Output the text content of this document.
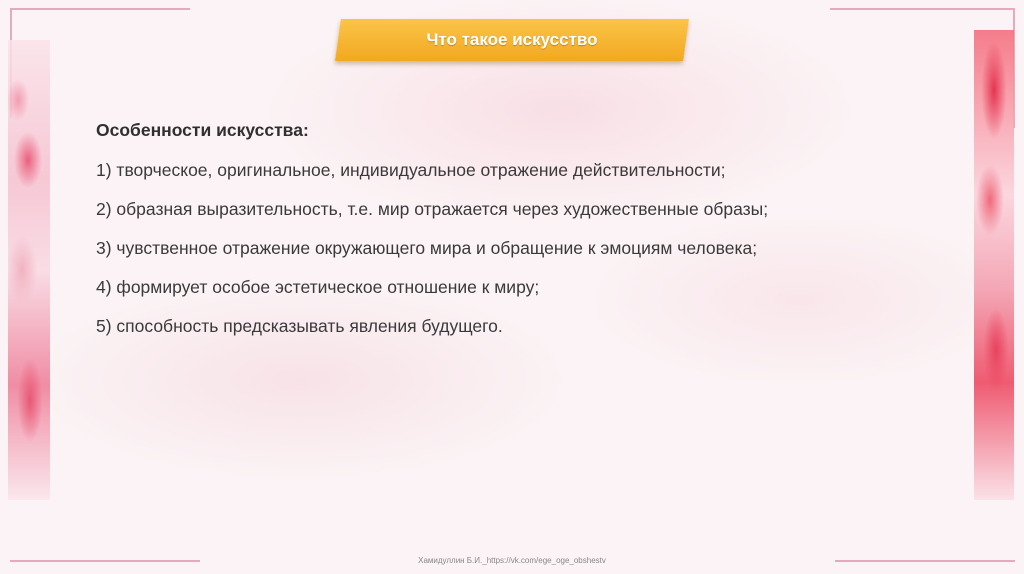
Что такое искусство
Особенности искусства:
1) творческое, оригинальное, индивидуальное отражение действительности;
2) образная выразительность, т.е. мир отражается через художественные образы;
3) чувственное отражение окружающего мира и обращение к эмоциям человека;
4) формирует особое эстетическое отношение к миру;
5) способность предсказывать явления будущего.
Хамидуллин Б.И._https://vk.com/ege_oge_obshestv
